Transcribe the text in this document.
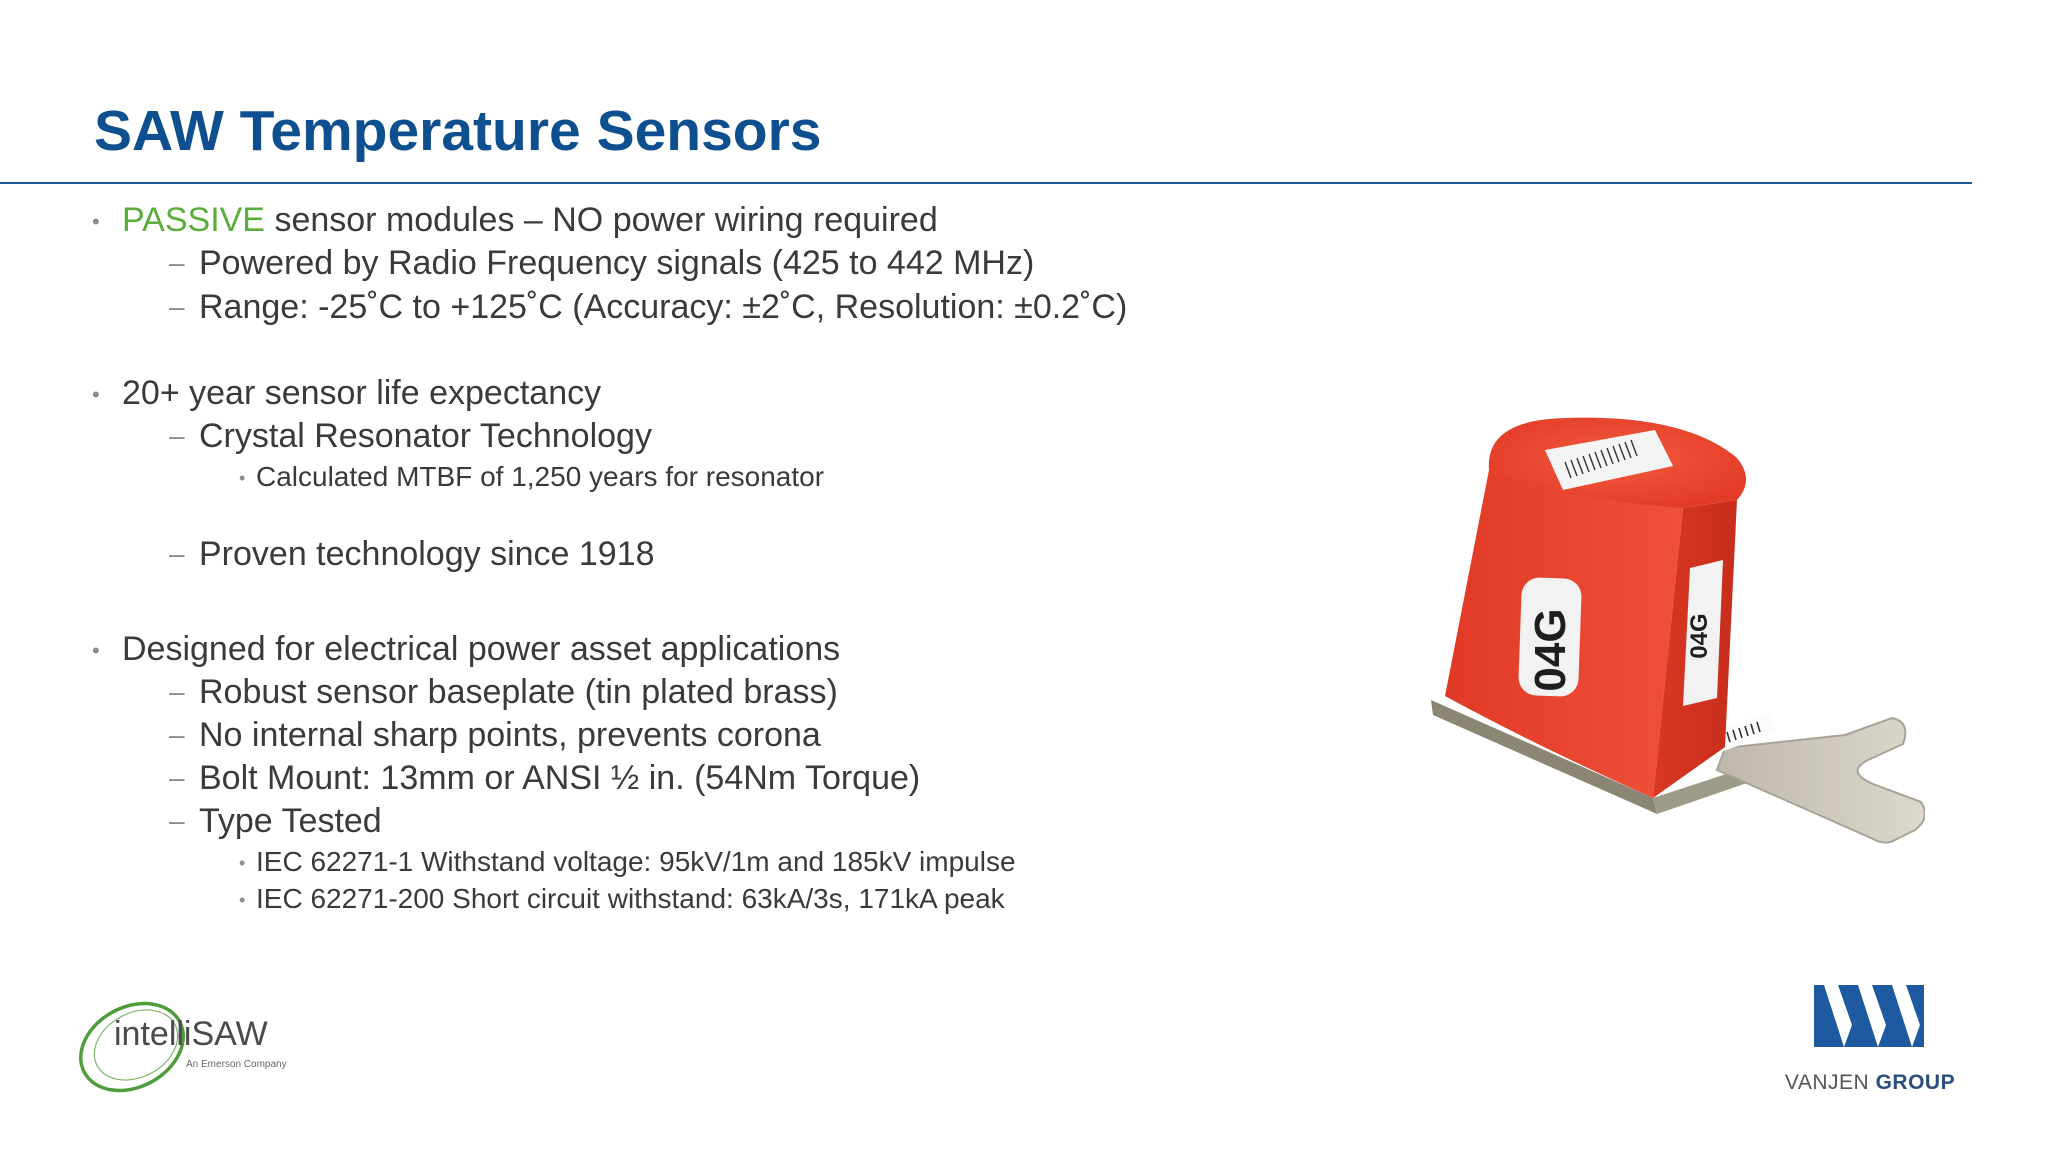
SAW Temperature Sensors
• PASSIVE sensor modules – NO power wiring required
– Powered by Radio Frequency signals (425 to 442 MHz)
– Range: -25˚C to +125˚C (Accuracy: ±2˚C, Resolution: ±0.2˚C)
• 20+ year sensor life expectancy
– Crystal Resonator Technology
• Calculated MTBF of 1,250 years for resonator
– Proven technology since 1918
• Designed for electrical power asset applications
– Robust sensor baseplate (tin plated brass)
– No internal sharp points, prevents corona
– Bolt Mount: 13mm or ANSI ½ in. (54Nm Torque)
– Type Tested
• IEC 62271-1 Withstand voltage: 95kV/1m and 185kV impulse
• IEC 62271-200 Short circuit withstand: 63kA/3s, 171kA peak
04G	04G
intelliSAW
An Emerson Company
VANJEN GROUP
